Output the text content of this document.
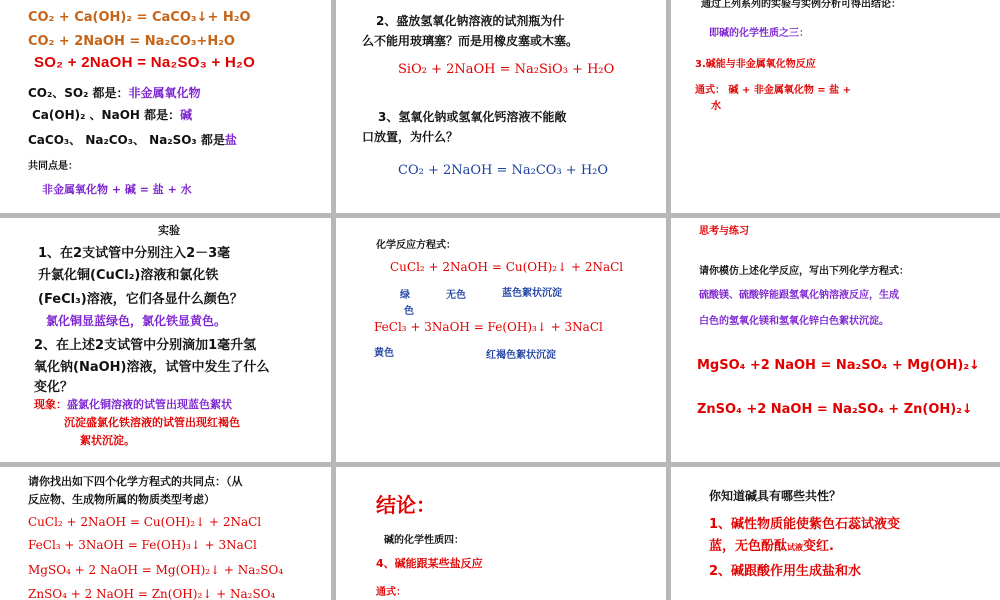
CO₂ + Ca(OH)₂ = CaCO₃↓+ H₂O
CO₂ + 2NaOH = Na₂CO₃+H₂O
SO₂ + 2NaOH = Na₂SO₃ + H₂O
CO₂、SO₂ 都是：非金属氧化物
Ca(OH)₂ 、NaOH 都是：碱
CaCO₃、 Na₂CO₃、 Na₂SO₃ 都是盐
共同点是：
非金属氧化物 + 碱 = 盐 + 水
2、盛放氢氧化钠溶液的试剂瓶为什
么不能用玻璃塞？而是用橡皮塞或木塞。
SiO₂ + 2NaOH = Na₂SiO₃ + H₂O
3、氢氧化钠或氢氧化钙溶液不能敞
口放置，为什么？
CO₂ + 2NaOH = Na₂CO₃ + H₂O
通过上列系列的实验与实例分析可得出结论：
即碱的化学性质之三：
3.碱能与非金属氧化物反应
通式： 碱 + 非金属氧化物 = 盐 +
水
实验
1、在2支试管中分别注入2－3毫
升氯化铜(CuCl₂)溶液和氯化铁
(FeCl₃)溶液，它们各显什么颜色？
氯化铜显蓝绿色，氯化铁显黄色。
2、在上述2支试管中分别滴加1毫升氢
氧化钠(NaOH)溶液，试管中发生了什么
变化？
现象：盛氯化铜溶液的试管出现蓝色絮状
沉淀盛氯化铁溶液的试管出现红褐色
絮状沉淀。
化学反应方程式：
CuCl₂ + 2NaOH = Cu(OH)₂↓ + 2NaCl
绿	无色	蓝色絮状沉淀
色
FeCl₃ + 3NaOH = Fe(OH)₃↓ + 3NaCl
黄色	红褐色絮状沉淀
思考与练习
请你模仿上述化学反应，写出下列化学方程式：
硫酸镁、硫酸锌能跟氢氧化钠溶液反应，生成
白色的氢氧化镁和氢氧化锌白色絮状沉淀。
MgSO₄ +2 NaOH = Na₂SO₄ + Mg(OH)₂↓
ZnSO₄ +2 NaOH = Na₂SO₄ + Zn(OH)₂↓
请你找出如下四个化学方程式的共同点：（从
反应物、生成物所属的物质类型考虑）
CuCl₂ + 2NaOH = Cu(OH)₂↓ + 2NaCl
FeCl₃ + 3NaOH = Fe(OH)₃↓ + 3NaCl
MgSO₄ + 2 NaOH = Mg(OH)₂↓ + Na₂SO₄
ZnSO₄ + 2 NaOH = Zn(OH)₂↓ + Na₂SO₄
结论：
碱的化学性质四：
4、碱能跟某些盐反应
通式：
你知道碱具有哪些共性？
1、碱性物质能使紫色石蕊试液变
蓝，无色酚酞试液变红.
2、碱跟酸作用生成盐和水
